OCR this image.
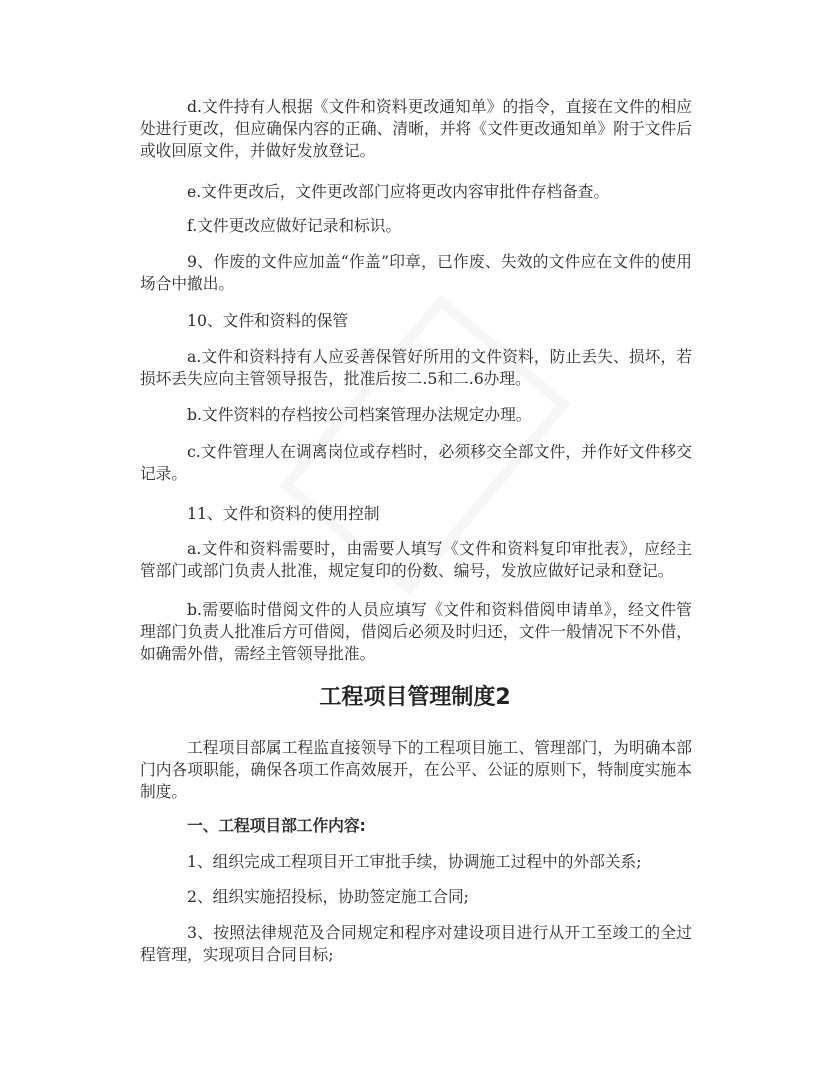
d.文件持有人根据《文件和资料更改通知单》的指令，直接在文件的相应处进行更改，但应确保内容的正确、清晰，并将《文件更改通知单》附于文件后或收回原文件，并做好发放登记。

e.文件更改后，文件更改部门应将更改内容审批件存档备查。

f.文件更改应做好记录和标识。

9、作废的文件应加盖“作盖”印章，已作废、失效的文件应在文件的使用场合中撤出。

10、文件和资料的保管

a.文件和资料持有人应妥善保管好所用的文件资料，防止丢失、损坏，若损坏丢失应向主管领导报告，批准后按二.5和二.6办理。

b.文件资料的存档按公司档案管理办法规定办理。

c.文件管理人在调离岗位或存档时，必须移交全部文件，并作好文件移交记录。

11、文件和资料的使用控制

a.文件和资料需要时，由需要人填写《文件和资料复印审批表》，应经主管部门或部门负责人批准，规定复印的份数、编号，发放应做好记录和登记。

b.需要临时借阅文件的人员应填写《文件和资料借阅申请单》，经文件管理部门负责人批准后方可借阅，借阅后必须及时归还，文件一般情况下不外借，如确需外借，需经主管领导批准。

工程项目管理制度2

工程项目部属工程监直接领导下的工程项目施工、管理部门，为明确本部门内各项职能，确保各项工作高效展开，在公平、公证的原则下，特制度实施本制度。

一、工程项目部工作内容:

1、组织完成工程项目开工审批手续，协调施工过程中的外部关系;

2、组织实施招投标，协助签定施工合同;

3、按照法律规范及合同规定和程序对建设项目进行从开工至竣工的全过程管理，实现项目合同目标;
